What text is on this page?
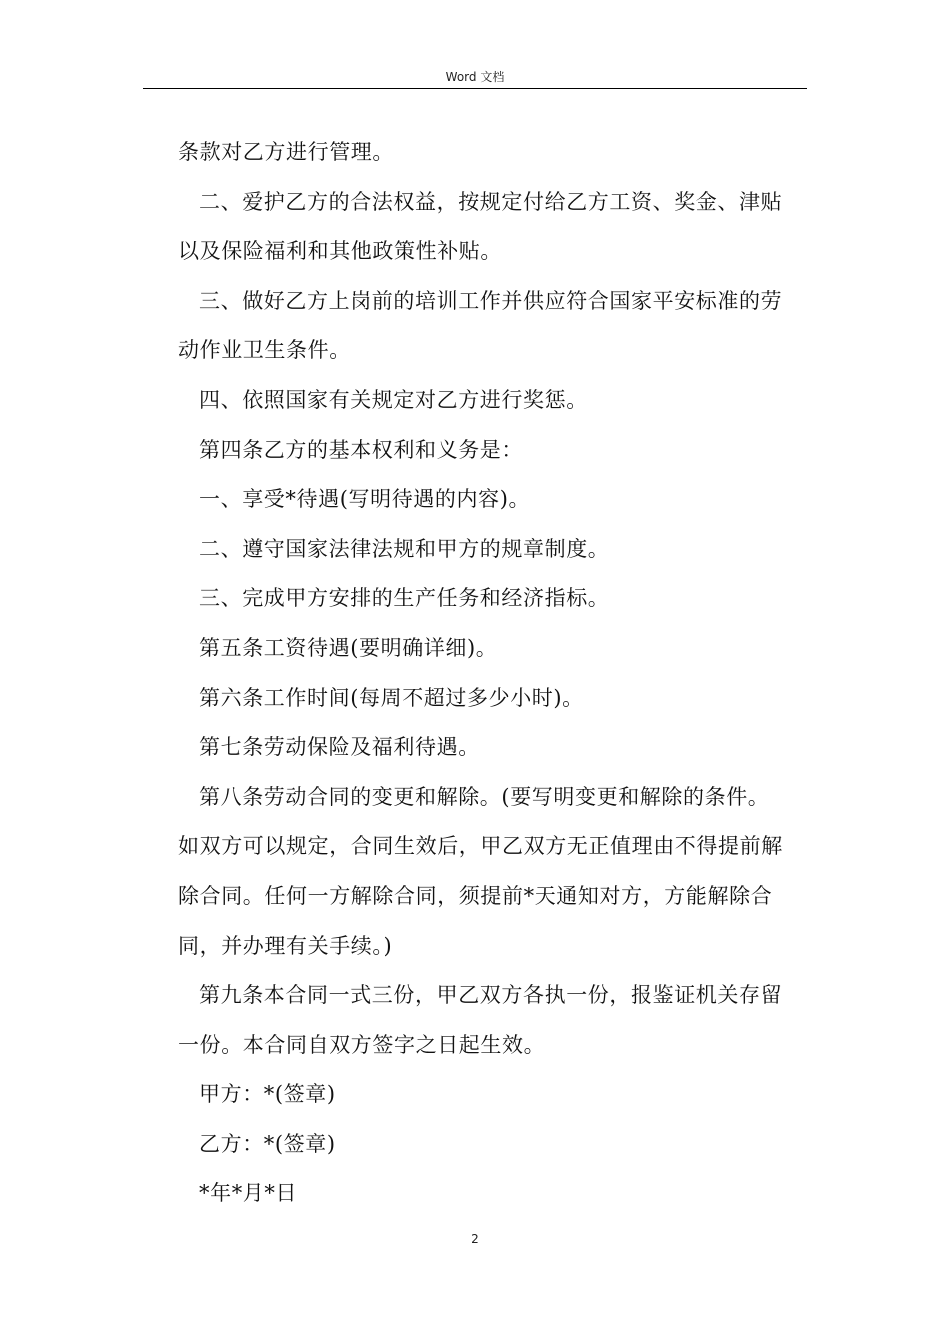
Word 文档

条款对乙方进行管理。

二、爱护乙方的合法权益，按规定付给乙方工资、奖金、津贴

以及保险福利和其他政策性补贴。

三、做好乙方上岗前的培训工作并供应符合国家平安标准的劳

动作业卫生条件。

四、依照国家有关规定对乙方进行奖惩。

第四条乙方的基本权利和义务是：

一、享受*待遇(写明待遇的内容)。

二、遵守国家法律法规和甲方的规章制度。

三、完成甲方安排的生产任务和经济指标。

第五条工资待遇(要明确详细)。

第六条工作时间(每周不超过多少小时)。

第七条劳动保险及福利待遇。

第八条劳动合同的变更和解除。(要写明变更和解除的条件。

如双方可以规定，合同生效后，甲乙双方无正值理由不得提前解

除合同。任何一方解除合同，须提前*天通知对方，方能解除合

同，并办理有关手续。)

第九条本合同一式三份，甲乙双方各执一份，报鉴证机关存留

一份。本合同自双方签字之日起生效。

甲方：*(签章)

乙方：*(签章)

*年*月*日

2
